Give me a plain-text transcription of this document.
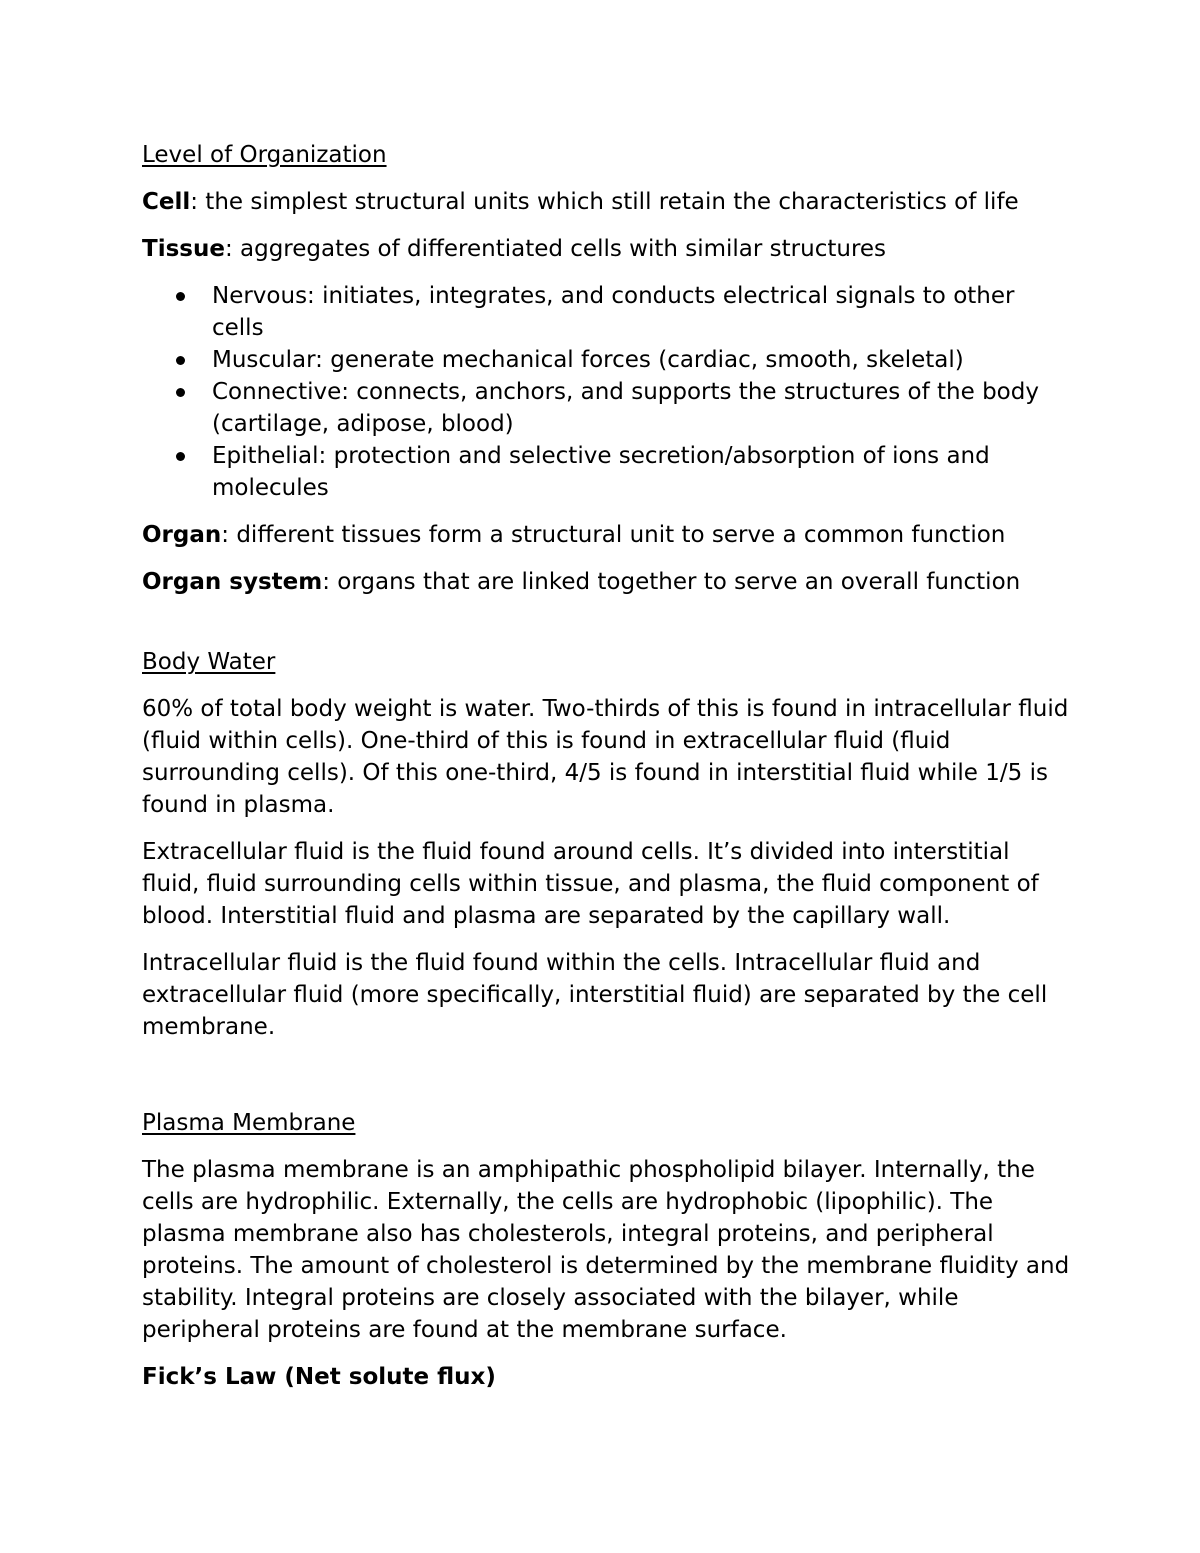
Level of Organization

Cell: the simplest structural units which still retain the characteristics of life

Tissue: aggregates of differentiated cells with similar structures

Nervous: initiates, integrates, and conducts electrical signals to other cells
Muscular: generate mechanical forces (cardiac, smooth, skeletal)
Connective: connects, anchors, and supports the structures of the body (cartilage, adipose, blood)
Epithelial: protection and selective secretion/absorption of ions and molecules

Organ: different tissues form a structural unit to serve a common function

Organ system: organs that are linked together to serve an overall function

Body Water

60% of total body weight is water. Two-thirds of this is found in intracellular fluid (fluid within cells). One-third of this is found in extracellular fluid (fluid surrounding cells). Of this one-third, 4/5 is found in interstitial fluid while 1/5 is found in plasma.

Extracellular fluid is the fluid found around cells. It’s divided into interstitial fluid, fluid surrounding cells within tissue, and plasma, the fluid component of blood. Interstitial fluid and plasma are separated by the capillary wall.

Intracellular fluid is the fluid found within the cells. Intracellular fluid and extracellular fluid (more specifically, interstitial fluid) are separated by the cell membrane.

Plasma Membrane

The plasma membrane is an amphipathic phospholipid bilayer. Internally, the cells are hydrophilic. Externally, the cells are hydrophobic (lipophilic). The plasma membrane also has cholesterols, integral proteins, and peripheral proteins. The amount of cholesterol is determined by the membrane fluidity and stability. Integral proteins are closely associated with the bilayer, while peripheral proteins are found at the membrane surface.

Fick’s Law (Net solute flux)
